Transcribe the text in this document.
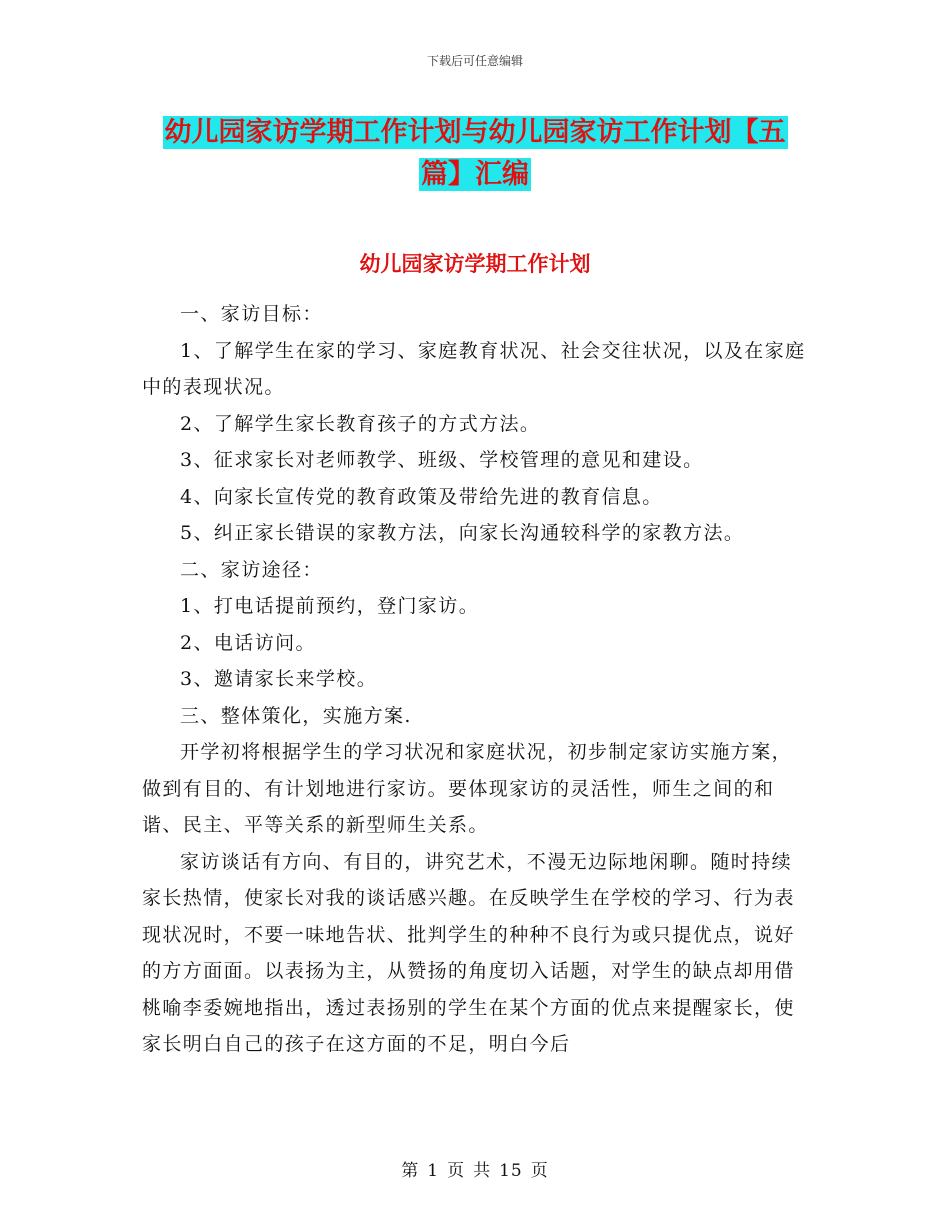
下载后可任意编辑
幼儿园家访学期工作计划与幼儿园家访工作计划【五
篇】汇编
幼儿园家访学期工作计划

一、家访目标：

1、了解学生在家的学习、家庭教育状况、社会交往状况，以及在家庭中的表现状况。

2、了解学生家长教育孩子的方式方法。

3、征求家长对老师教学、班级、学校管理的意见和建设。

4、向家长宣传党的教育政策及带给先进的教育信息。

5、纠正家长错误的家教方法，向家长沟通较科学的家教方法。

二、家访途径：

1、打电话提前预约，登门家访。

2、电话访问。

3、邀请家长来学校。

三、整体策化，实施方案.

开学初将根据学生的学习状况和家庭状况，初步制定家访实施方案，做到有目的、有计划地进行家访。要体现家访的灵活性，师生之间的和谐、民主、平等关系的新型师生关系。

家访谈话有方向、有目的，讲究艺术，不漫无边际地闲聊。随时持续家长热情，使家长对我的谈话感兴趣。在反映学生在学校的学习、行为表现状况时，不要一味地告状、批判学生的种种不良行为或只提优点，说好的方方面面。以表扬为主，从赞扬的角度切入话题，对学生的缺点却用借桃喻李委婉地指出，透过表扬别的学生在某个方面的优点来提醒家长，使家长明白自己的孩子在这方面的不足，明白今后

第 1 页 共 15 页
